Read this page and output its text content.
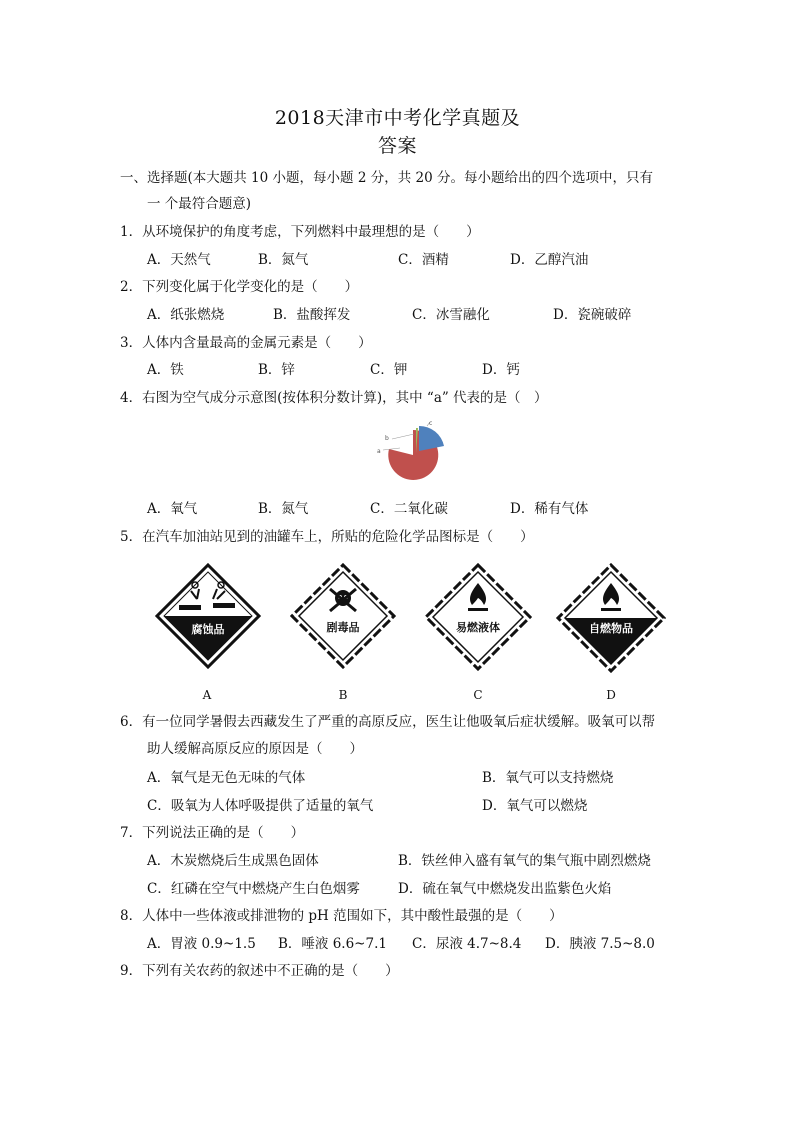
2018天津市中考化学真题及
答案
一、选择题(本大题共 10 小题，每小题 2 分，共 20 分。每小题给出的四个选项中，只有
一 个最符合题意)
1．从环境保护的角度考虑，下列燃料中最理想的是（　　）
A．天然气	B．氮气	C．酒精	D．乙醇汽油
2．下列变化属于化学变化的是（　　）
A．纸张燃烧	B．盐酸挥发	C．冰雪融化	D．瓷碗破碎
3．人体内含量最高的金属元素是（　　）
A．铁	B．锌	C．钾	D．钙
4．右图为空气成分示意图(按体积分数计算)，其中 “a” 代表的是（　）
b
a
c
A．氧气	B．氮气	C．二氧化碳	D．稀有气体
5．在汽车加油站见到的油罐车上，所贴的危险化学品图标是（　　）
腐蚀品	剧毒品	易燃液体	自燃物品
A	B	C	D
6．有一位同学暑假去西藏发生了严重的高原反应，医生让他吸氧后症状缓解。吸氧可以帮
助人缓解高原反应的原因是（　　）
A．氧气是无色无味的气体	B．氧气可以支持燃烧
C．吸氧为人体呼吸提供了适量的氧气	D．氧气可以燃烧
7．下列说法正确的是（　　）
A．木炭燃烧后生成黑色固体	B．铁丝伸入盛有氧气的集气瓶中剧烈燃烧
C．红磷在空气中燃烧产生白色烟雾	D．硫在氧气中燃烧发出监紫色火焰
8．人体中一些体液或排泄物的 pH 范围如下，其中酸性最强的是（　　）
A．胃液 0.9~1.5 B．唾液 6.6~7.1 C．尿液 4.7~8.4 D．胰液 7.5~8.0
9．下列有关农药的叙述中不正确的是（　　）
